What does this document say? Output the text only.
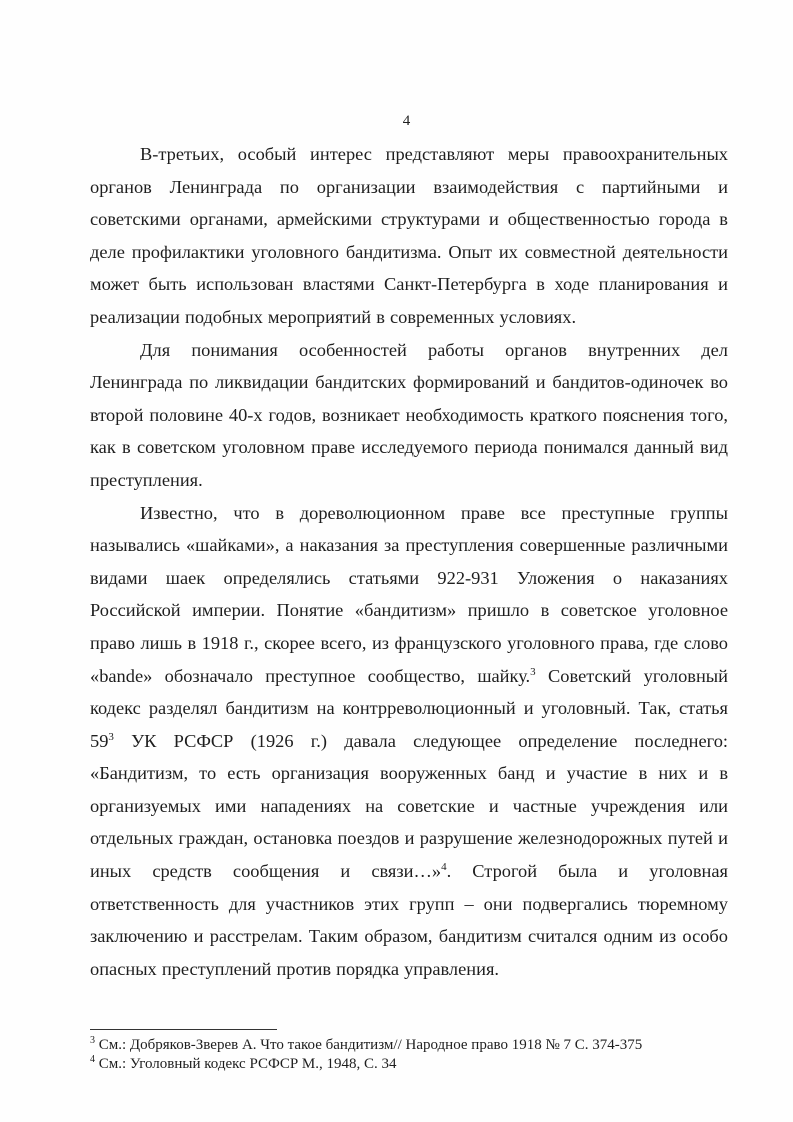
4

В-третьих, особый интерес представляют меры правоохранительных органов Ленинграда по организации взаимодействия с партийными и советскими органами, армейскими структурами и общественностью города в деле профилактики уголовного бандитизма. Опыт их совместной деятельности может быть использован властями Санкт-Петербурга в ходе планирования и реализации подобных мероприятий в современных условиях.

Для понимания особенностей работы органов внутренних дел Ленинграда по ликвидации бандитских формирований и бандитов-одиночек во второй половине 40-х годов, возникает необходимость краткого пояснения того, как в советском уголовном праве исследуемого периода понимался данный вид преступления.

Известно, что в дореволюционном праве все преступные группы назывались «шайками», а наказания за преступления совершенные различными видами шаек определялись статьями 922-931 Уложения о наказаниях Российской империи. Понятие «бандитизм» пришло в советское уголовное право лишь в 1918 г., скорее всего, из французского уголовного права, где слово «bande» обозначало преступное сообщество, шайку.$^3$ Советский уголовный кодекс разделял бандитизм на контрреволюционный и уголовный. Так, статья $59^3$ УК РСФСР (1926 г.) давала следующее определение последнего: «Бандитизм, то есть организация вооруженных банд и участие в них и в организуемых ими нападениях на советские и частные учреждения или отдельных граждан, остановка поездов и разрушение железнодорожных путей и иных средств сообщения и связи…»$^4$. Строгой была и уголовная ответственность для участников этих групп – они подвергались тюремному заключению и расстрелам. Таким образом, бандитизм считался одним из особо опасных преступлений против порядка управления.

$^3$ См.: Добряков-Зверев А. Что такое бандитизм// Народное право 1918 № 7 С. 374-375
$^4$ См.: Уголовный кодекс РСФСР М., 1948, С. 34
